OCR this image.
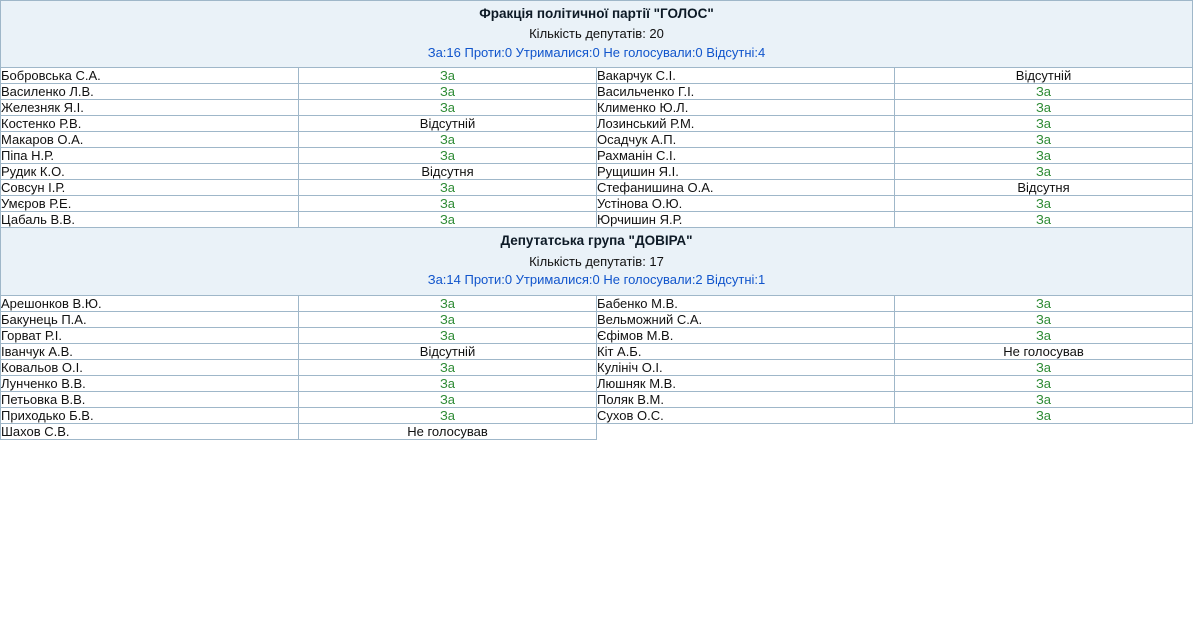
Фракція політичної партії "ГОЛОС"
Кількість депутатів: 20
За:16 Проти:0 Утрималися:0 Не голосували:0 Відсутні:4			

Бобровська С.А.	За	Вакарчук С.І.	Відсутній
Василенко Л.В.	За	Васильченко Г.І.	За
Железняк Я.І.	За	Клименко Ю.Л.	За
Костенко Р.В.	Відсутній	Лозинський Р.М.	За
Макаров О.А.	За	Осадчук А.П.	За
Піпа Н.Р.	За	Рахманін С.І.	За
Рудик К.О.	Відсутня	Рущишин Я.І.	За
Совсун І.Р.	За	Стефанишина О.А.	Відсутня
Умєров Р.Е.	За	Устінова О.Ю.	За
Цабаль В.В.	За	Юрчишин Я.Р.	За

Депутатська група "ДОВІРА"
Кількість депутатів: 17
За:14 Проти:0 Утрималися:0 Не голосували:2 Відсутні:1			

Арешонков В.Ю.	За	Бабенко М.В.	За
Бакунець П.А.	За	Вельможний С.А.	За
Горват Р.І.	За	Єфімов М.В.	За
Іванчук А.В.	Відсутній	Кіт А.Б.	Не голосував
Ковальов О.І.	За	Кулініч О.І.	За
Лунченко В.В.	За	Люшняк М.В.	За
Петьовка В.В.	За	Поляк В.М.	За
Приходько Б.В.	За	Сухов О.С.	За
Шахов С.В.	Не голосував		
